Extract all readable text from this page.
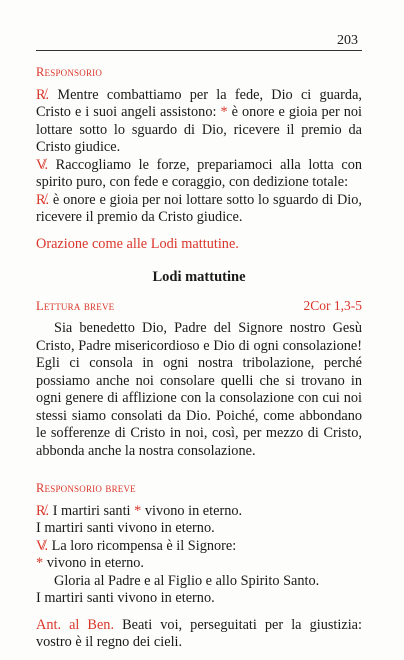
203
Responsorio

R̸. Mentre combattiamo per la fede, Dio ci guarda, Cristo e i suoi angeli assistono: * è onore e gioia per noi lottare sotto lo sguardo di Dio, ricevere il premio da Cristo giudice.

V̸. Raccogliamo le forze, prepariamoci alla lotta con spirito puro, con fede e coraggio, con dedizione totale:

R̸. è onore e gioia per noi lottare sotto lo sguardo di Dio, ricevere il premio da Cristo giudice.

Orazione come alle Lodi mattutine.

Lodi mattutine
Lettura breve	2Cor 1,3-5

Sia benedetto Dio, Padre del Signore nostro Gesù Cristo, Padre misericordioso e Dio di ogni consolazione! Egli ci consola in ogni nostra tribolazione, perché possiamo anche noi consolare quelli che si trovano in ogni genere di afflizione con la consolazione con cui noi stessi siamo consolati da Dio. Poiché, come abbondano le sofferenze di Cristo in noi, così, per mezzo di Cristo, abbonda anche la nostra consolazione.

Responsorio breve
R̸. I martiri santi * vivono in eterno.
I martiri santi vivono in eterno.
V̸. La loro ricompensa è il Signore:
* vivono in eterno.
Gloria al Padre e al Figlio e allo Spirito Santo.
I martiri santi vivono in eterno.

Ant. al Ben. Beati voi, perseguitati per la giustizia: vostro è il regno dei cieli.
